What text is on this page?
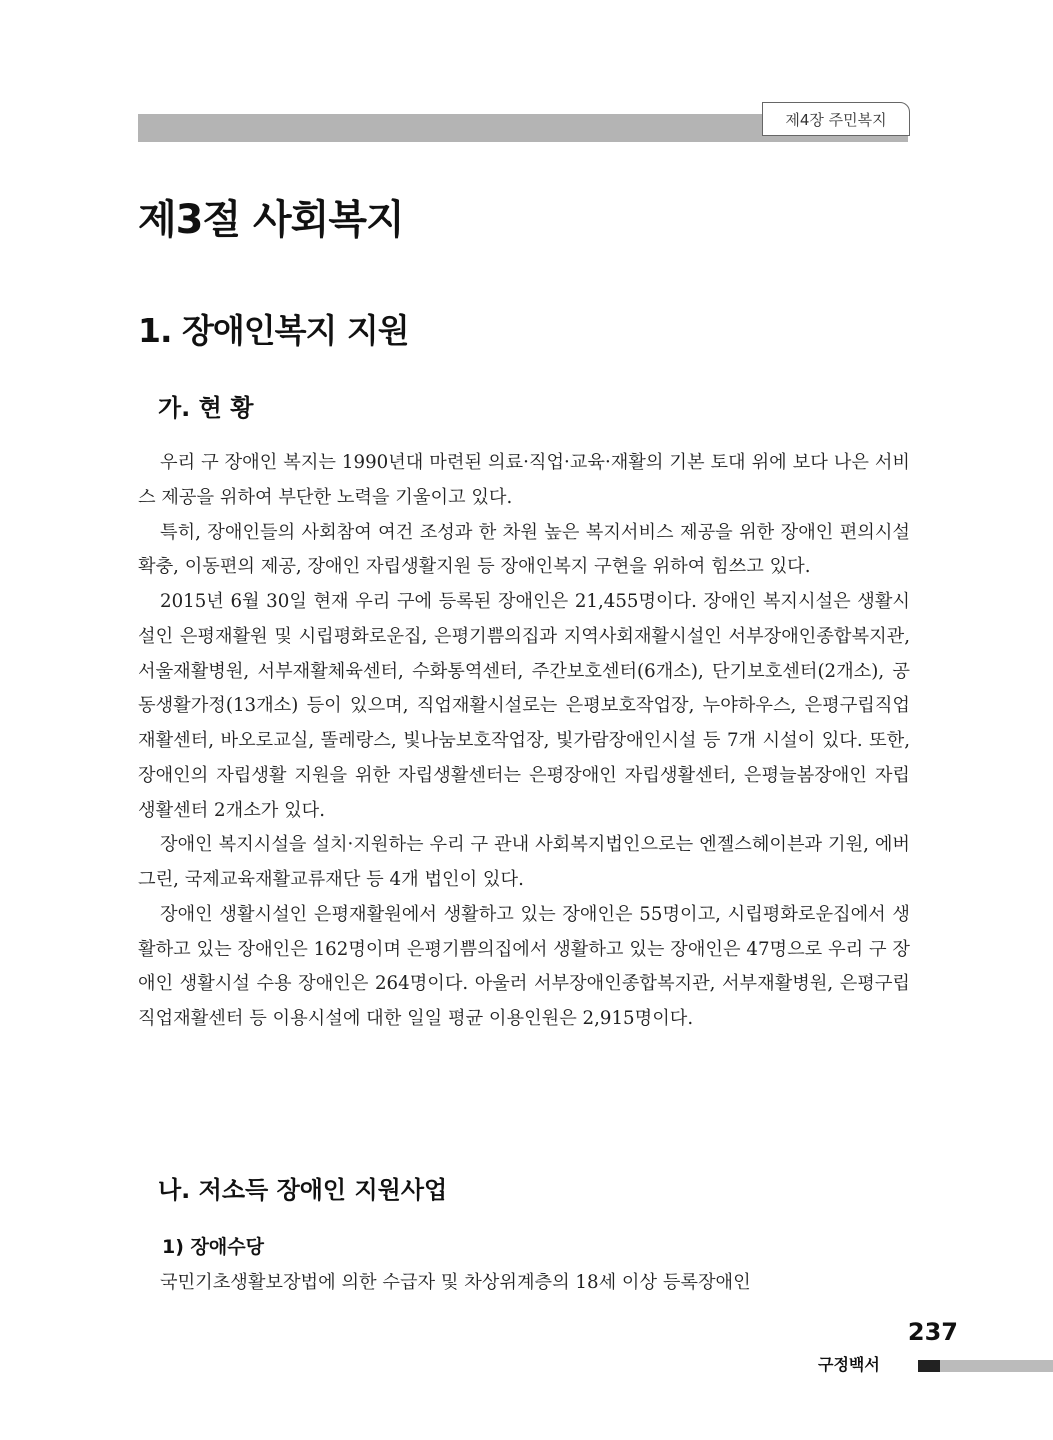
제4장 주민복지
제3절 사회복지
1. 장애인복지 지원
가. 현 황

우리 구 장애인 복지는 1990년대 마련된 의료·직업·교육·재활의 기본 토대 위에 보다 나은 서비스 제공을 위하여 부단한 노력을 기울이고 있다.

특히, 장애인들의 사회참여 여건 조성과 한 차원 높은 복지서비스 제공을 위한 장애인 편의시설 확충, 이동편의 제공, 장애인 자립생활지원 등 장애인복지 구현을 위하여 힘쓰고 있다.

2015년 6월 30일 현재 우리 구에 등록된 장애인은 21,455명이다. 장애인 복지시설은 생활시설인 은평재활원 및 시립평화로운집, 은평기쁨의집과 지역사회재활시설인 서부장애인종합복지관, 서울재활병원, 서부재활체육센터, 수화통역센터, 주간보호센터(6개소), 단기보호센터(2개소), 공동생활가정(13개소) 등이 있으며, 직업재활시설로는 은평보호작업장, 누야하우스, 은평구립직업재활센터, 바오로교실, 똘레랑스, 빛나눔보호작업장, 빛가람장애인시설 등 7개 시설이 있다. 또한, 장애인의 자립생활 지원을 위한 자립생활센터는 은평장애인 자립생활센터, 은평늘봄장애인 자립생활센터 2개소가 있다.

장애인 복지시설을 설치·지원하는 우리 구 관내 사회복지법인으로는 엔젤스헤이븐과 기원, 에버그린, 국제교육재활교류재단 등 4개 법인이 있다.

장애인 생활시설인 은평재활원에서 생활하고 있는 장애인은 55명이고, 시립평화로운집에서 생활하고 있는 장애인은 162명이며 은평기쁨의집에서 생활하고 있는 장애인은 47명으로 우리 구 장애인 생활시설 수용 장애인은 264명이다. 아울러 서부장애인종합복지관, 서부재활병원, 은평구립직업재활센터 등 이용시설에 대한 일일 평균 이용인원은 2,915명이다.

나. 저소득 장애인 지원사업
1) 장애수당

국민기초생활보장법에 의한 수급자 및 차상위계층의 18세 이상 등록장애인

237
구정백서
